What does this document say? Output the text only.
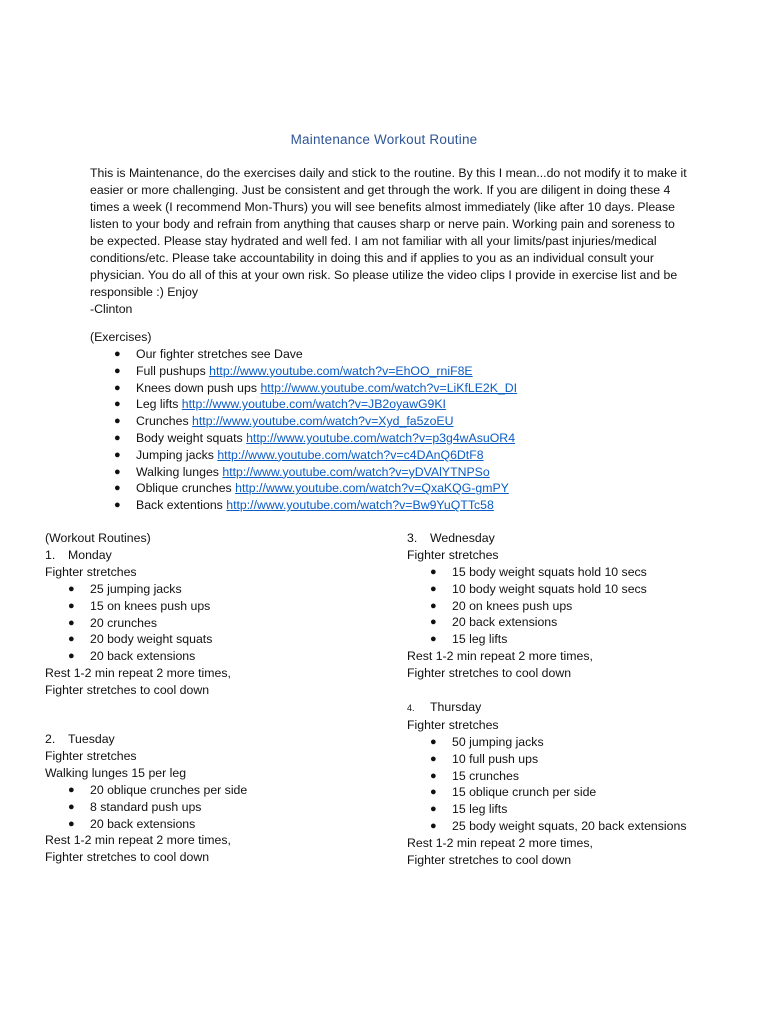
Maintenance Workout Routine

This is Maintenance, do the exercises daily and stick to the routine. By this I mean...do not modify it to make it easier or more challenging. Just be consistent and get through the work. If you are diligent in doing these 4 times a week (I recommend Mon-Thurs) you will see benefits almost immediately (like after 10 days. Please listen to your body and refrain from anything that causes sharp or nerve pain. Working pain and soreness to be expected. Please stay hydrated and well fed. I am not familiar with all your limits/past injuries/medical conditions/etc. Please take accountability in doing this and if applies to you as an individual consult your physician. You do all of this at your own risk. So please utilize the video clips I provide in exercise list and be responsible :) Enjoy

-Clinton

(Exercises)
● Our fighter stretches see Dave
● Full pushups http://www.youtube.com/watch?v=EhOO_rniF8E
● Knees down push ups http://www.youtube.com/watch?v=LiKfLE2K_DI
● Leg lifts http://www.youtube.com/watch?v=JB2oyawG9KI
● Crunches http://www.youtube.com/watch?v=Xyd_fa5zoEU
● Body weight squats http://www.youtube.com/watch?v=p3g4wAsuOR4
● Jumping jacks http://www.youtube.com/watch?v=c4DAnQ6DtF8
● Walking lunges http://www.youtube.com/watch?v=yDVAlYTNPSo
● Oblique crunches http://www.youtube.com/watch?v=QxaKQG-gmPY
● Back extentions http://www.youtube.com/watch?v=Bw9YuQTTc58
(Workout Routines)
1. Monday
Fighter stretches
● 25 jumping jacks
● 15 on knees push ups
● 20 crunches
● 20 body weight squats
● 20 back extensions
Rest 1-2 min repeat 2 more times,
Fighter stretches to cool down
2. Tuesday
Fighter stretches
Walking lunges 15 per leg
● 20 oblique crunches per side
● 8 standard push ups
● 20 back extensions
Rest 1-2 min repeat 2 more times,
Fighter stretches to cool down
3. Wednesday
Fighter stretches
● 15 body weight squats hold 10 secs
● 10 body weight squats hold 10 secs
● 20 on knees push ups
● 20 back extensions
● 15 leg lifts
Rest 1-2 min repeat 2 more times,
Fighter stretches to cool down
4. Thursday
Fighter stretches
● 50 jumping jacks
● 10 full push ups
● 15 crunches
● 15 oblique crunch per side
● 15 leg lifts
● 25 body weight squats, 20 back extensions
Rest 1-2 min repeat 2 more times,
Fighter stretches to cool down
